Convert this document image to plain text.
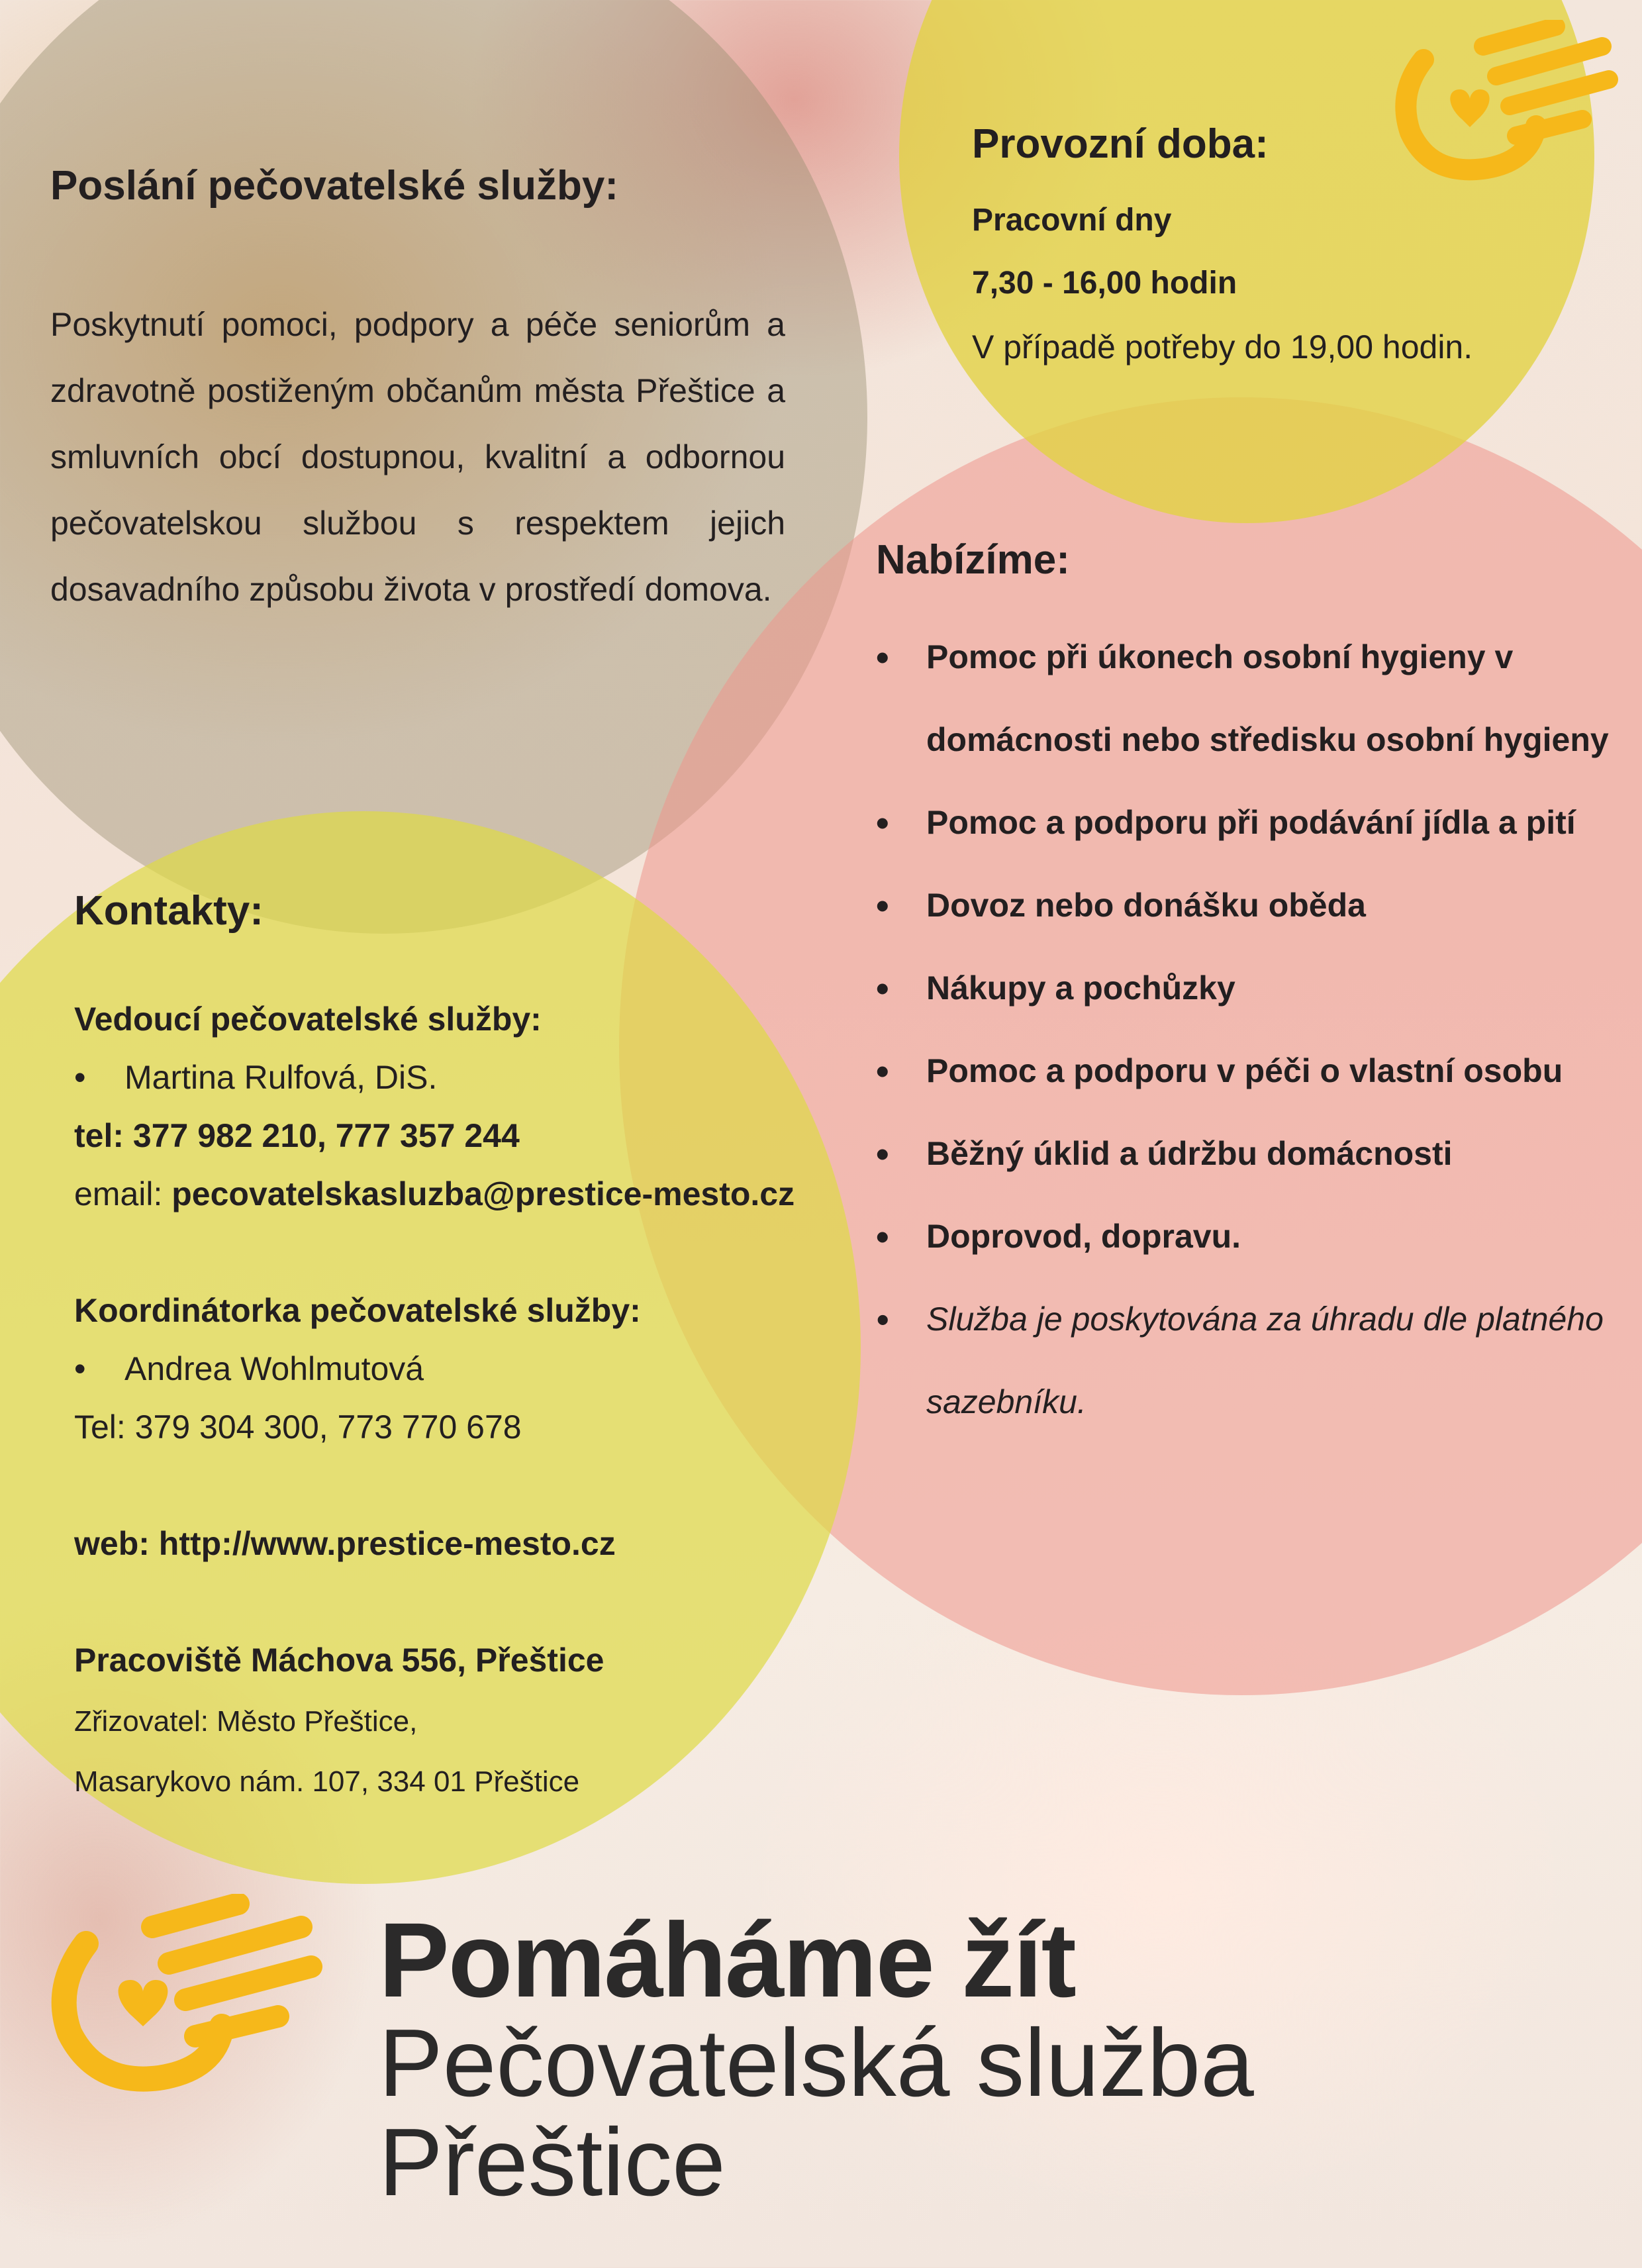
Poslání pečovatelské služby:

Poskytnutí pomoci, podpory a péče seniorům a zdravotně postiženým občanům města Přeštice a smluvních obcí dostupnou, kvalitní a odbornou pečovatelskou službou s respektem jejich dosavadního způsobu života v prostředí domova.

Provozní doba:
Pracovní dny
7,30 - 16,00 hodin
V případě potřeby do 19,00 hodin.
Nabízíme:
• Pomoc při úkonech osobní hygieny v domácnosti nebo středisku osobní hygieny
• Pomoc a podporu při podávání jídla a pití
• Dovoz nebo donášku oběda
• Nákupy a pochůzky
• Pomoc a podporu v péči o vlastní osobu
• Běžný úklid a údržbu domácnosti
• Doprovod, dopravu.
• Služba je poskytována za úhradu dle platného sazebníku.
Kontakty:
Vedoucí pečovatelské služby:
• Martina Rulfová, DiS.
tel: 377 982 210, 777 357 244
email: pecovatelskasluzba@prestice-mesto.cz
Koordinátorka pečovatelské služby:
• Andrea Wohlmutová
Tel: 379 304 300, 773 770 678
web: http://www.prestice-mesto.cz
Pracoviště Máchova 556, Přeštice
Zřizovatel: Město Přeštice,
Masarykovo nám. 107, 334 01 Přeštice
Pomáháme žít
Pečovatelská služba
Přeštice
